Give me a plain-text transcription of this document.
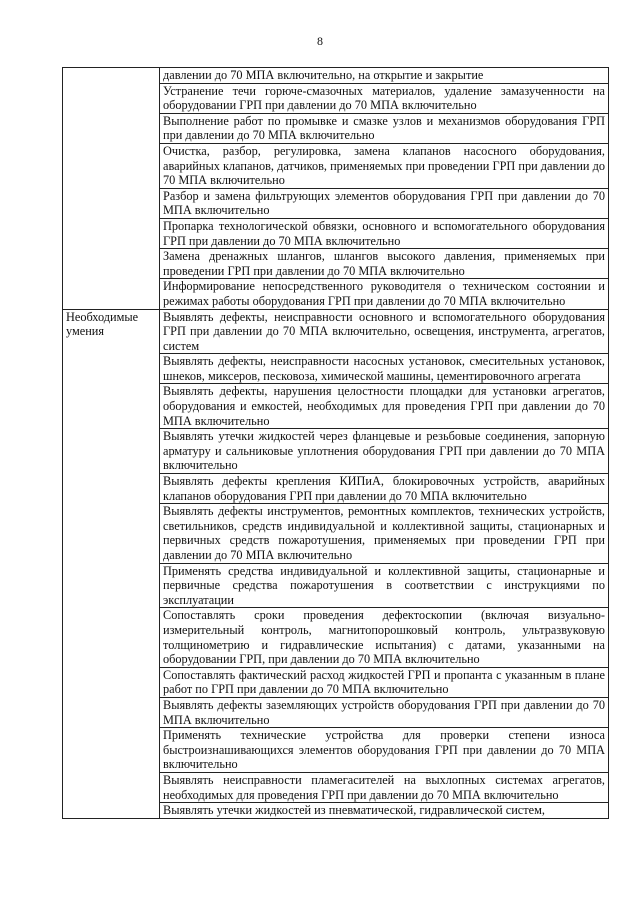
8
	давлении до 70 МПА включительно, на открытие и закрытие
	Устранение течи горюче-смазочных материалов, удаление замазученности на оборудовании ГРП при давлении до 70 МПА включительно
	Выполнение работ по промывке и смазке узлов и механизмов оборудования ГРП при давлении до 70 МПА включительно
	Очистка, разбор, регулировка, замена клапанов насосного оборудования, аварийных клапанов, датчиков, применяемых при проведении ГРП при давлении до 70 МПА включительно
	Разбор и замена фильтрующих элементов оборудования ГРП при давлении до 70 МПА включительно
	Пропарка технологической обвязки, основного и вспомогательного оборудования ГРП при давлении до 70 МПА включительно
	Замена дренажных шлангов, шлангов высокого давления, применяемых при проведении ГРП при давлении до 70 МПА включительно
	Информирование непосредственного руководителя о техническом состоянии и режимах работы оборудования ГРП при давлении до 70 МПА включительно
Необходимые умения	Выявлять дефекты, неисправности основного и вспомогательного оборудования ГРП при давлении до 70 МПА включительно, освещения, инструмента, агрегатов, систем
	Выявлять дефекты, неисправности насосных установок, смесительных установок, шнеков, миксеров, песковоза, химической машины, цементировочного агрегата
	Выявлять дефекты, нарушения целостности площадки для установки агрегатов, оборудования и емкостей, необходимых для проведения ГРП при давлении до 70 МПА включительно
	Выявлять утечки жидкостей через фланцевые и резьбовые соединения, запорную арматуру и сальниковые уплотнения оборудования ГРП при давлении до 70 МПА включительно
	Выявлять дефекты крепления КИПиА, блокировочных устройств, аварийных клапанов оборудования ГРП при давлении до 70 МПА включительно
	Выявлять дефекты инструментов, ремонтных комплектов, технических устройств, светильников, средств индивидуальной и коллективной защиты, стационарных и первичных средств пожаротушения, применяемых при проведении ГРП при давлении до 70 МПА включительно
	Применять средства индивидуальной и коллективной защиты, стационарные и первичные средства пожаротушения в соответствии с инструкциями по эксплуатации
	Сопоставлять сроки проведения дефектоскопии (включая визуально-измерительный контроль, магнитопорошковый контроль, ультразвуковую толщинометрию и гидравлические испытания) с датами, указанными на оборудовании ГРП, при давлении до 70 МПА включительно
	Сопоставлять фактический расход жидкостей ГРП и пропанта с указанным в плане работ по ГРП при давлении до 70 МПА включительно
	Выявлять дефекты заземляющих устройств оборудования ГРП при давлении до 70 МПА включительно
	Применять технические устройства для проверки степени износа быстроизнашивающихся элементов оборудования ГРП при давлении до 70 МПА включительно
	Выявлять неисправности пламегасителей на выхлопных системах агрегатов, необходимых для проведения ГРП при давлении до 70 МПА включительно
	Выявлять утечки жидкостей из пневматической, гидравлической систем,
